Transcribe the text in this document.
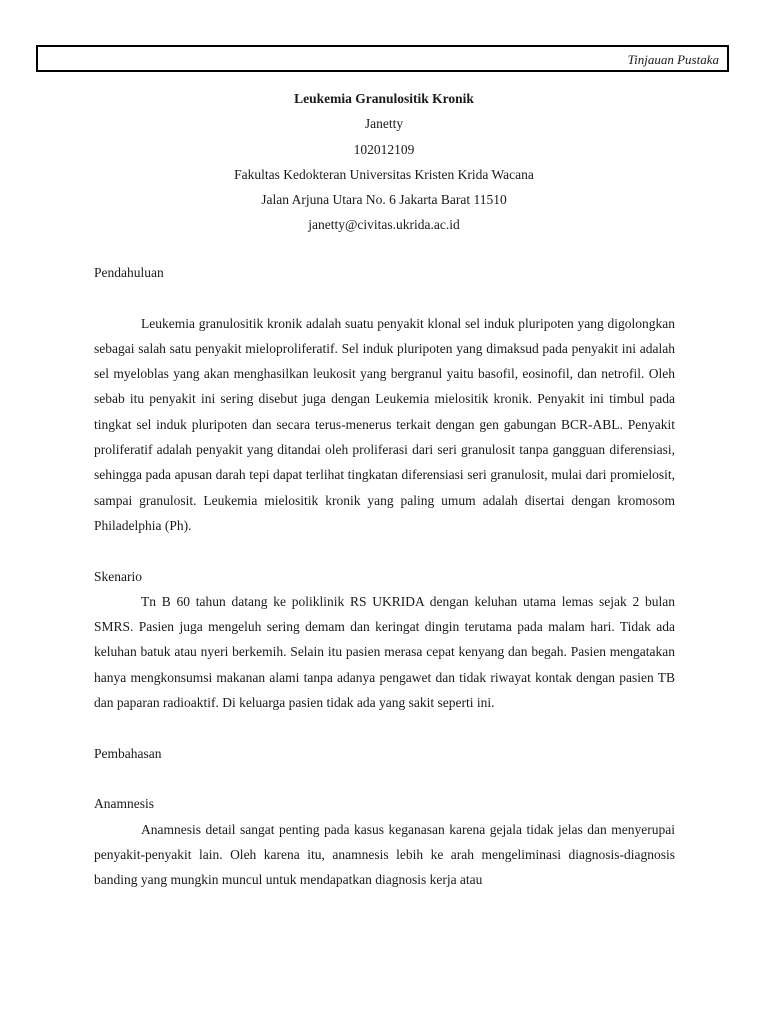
Tinjauan Pustaka
Leukemia Granulositik Kronik
Janetty
102012109
Fakultas Kedokteran Universitas Kristen Krida Wacana
Jalan Arjuna Utara No. 6 Jakarta Barat 11510
janetty@civitas.ukrida.ac.id
Pendahuluan

Leukemia granulositik kronik adalah suatu penyakit klonal sel induk pluripoten yang digolongkan sebagai salah satu penyakit mieloproliferatif. Sel induk pluripoten yang dimaksud pada penyakit ini adalah sel myeloblas yang akan menghasilkan leukosit yang bergranul yaitu basofil, eosinofil, dan netrofil. Oleh sebab itu penyakit ini sering disebut juga dengan Leukemia mielositik kronik. Penyakit ini timbul pada tingkat sel induk pluripoten dan secara terus-menerus terkait dengan gen gabungan BCR-ABL. Penyakit proliferatif adalah penyakit yang ditandai oleh proliferasi dari seri granulosit tanpa gangguan diferensiasi, sehingga pada apusan darah tepi dapat terlihat tingkatan diferensiasi seri granulosit, mulai dari promielosit, sampai granulosit. Leukemia mielositik kronik yang paling umum adalah disertai dengan kromosom Philadelphia (Ph).

Skenario

Tn B 60 tahun datang ke poliklinik RS UKRIDA dengan keluhan utama lemas sejak 2 bulan SMRS. Pasien juga mengeluh sering demam dan keringat dingin terutama pada malam hari. Tidak ada keluhan batuk atau nyeri berkemih. Selain itu pasien merasa cepat kenyang dan begah. Pasien mengatakan hanya mengkonsumsi makanan alami tanpa adanya pengawet dan tidak riwayat kontak dengan pasien TB dan paparan radioaktif. Di keluarga pasien tidak ada yang sakit seperti ini.

Pembahasan
Anamnesis

Anamnesis detail sangat penting pada kasus keganasan karena gejala tidak jelas dan menyerupai penyakit-penyakit lain. Oleh karena itu, anamnesis lebih ke arah mengeliminasi diagnosis-diagnosis banding yang mungkin muncul untuk mendapatkan diagnosis kerja atau
